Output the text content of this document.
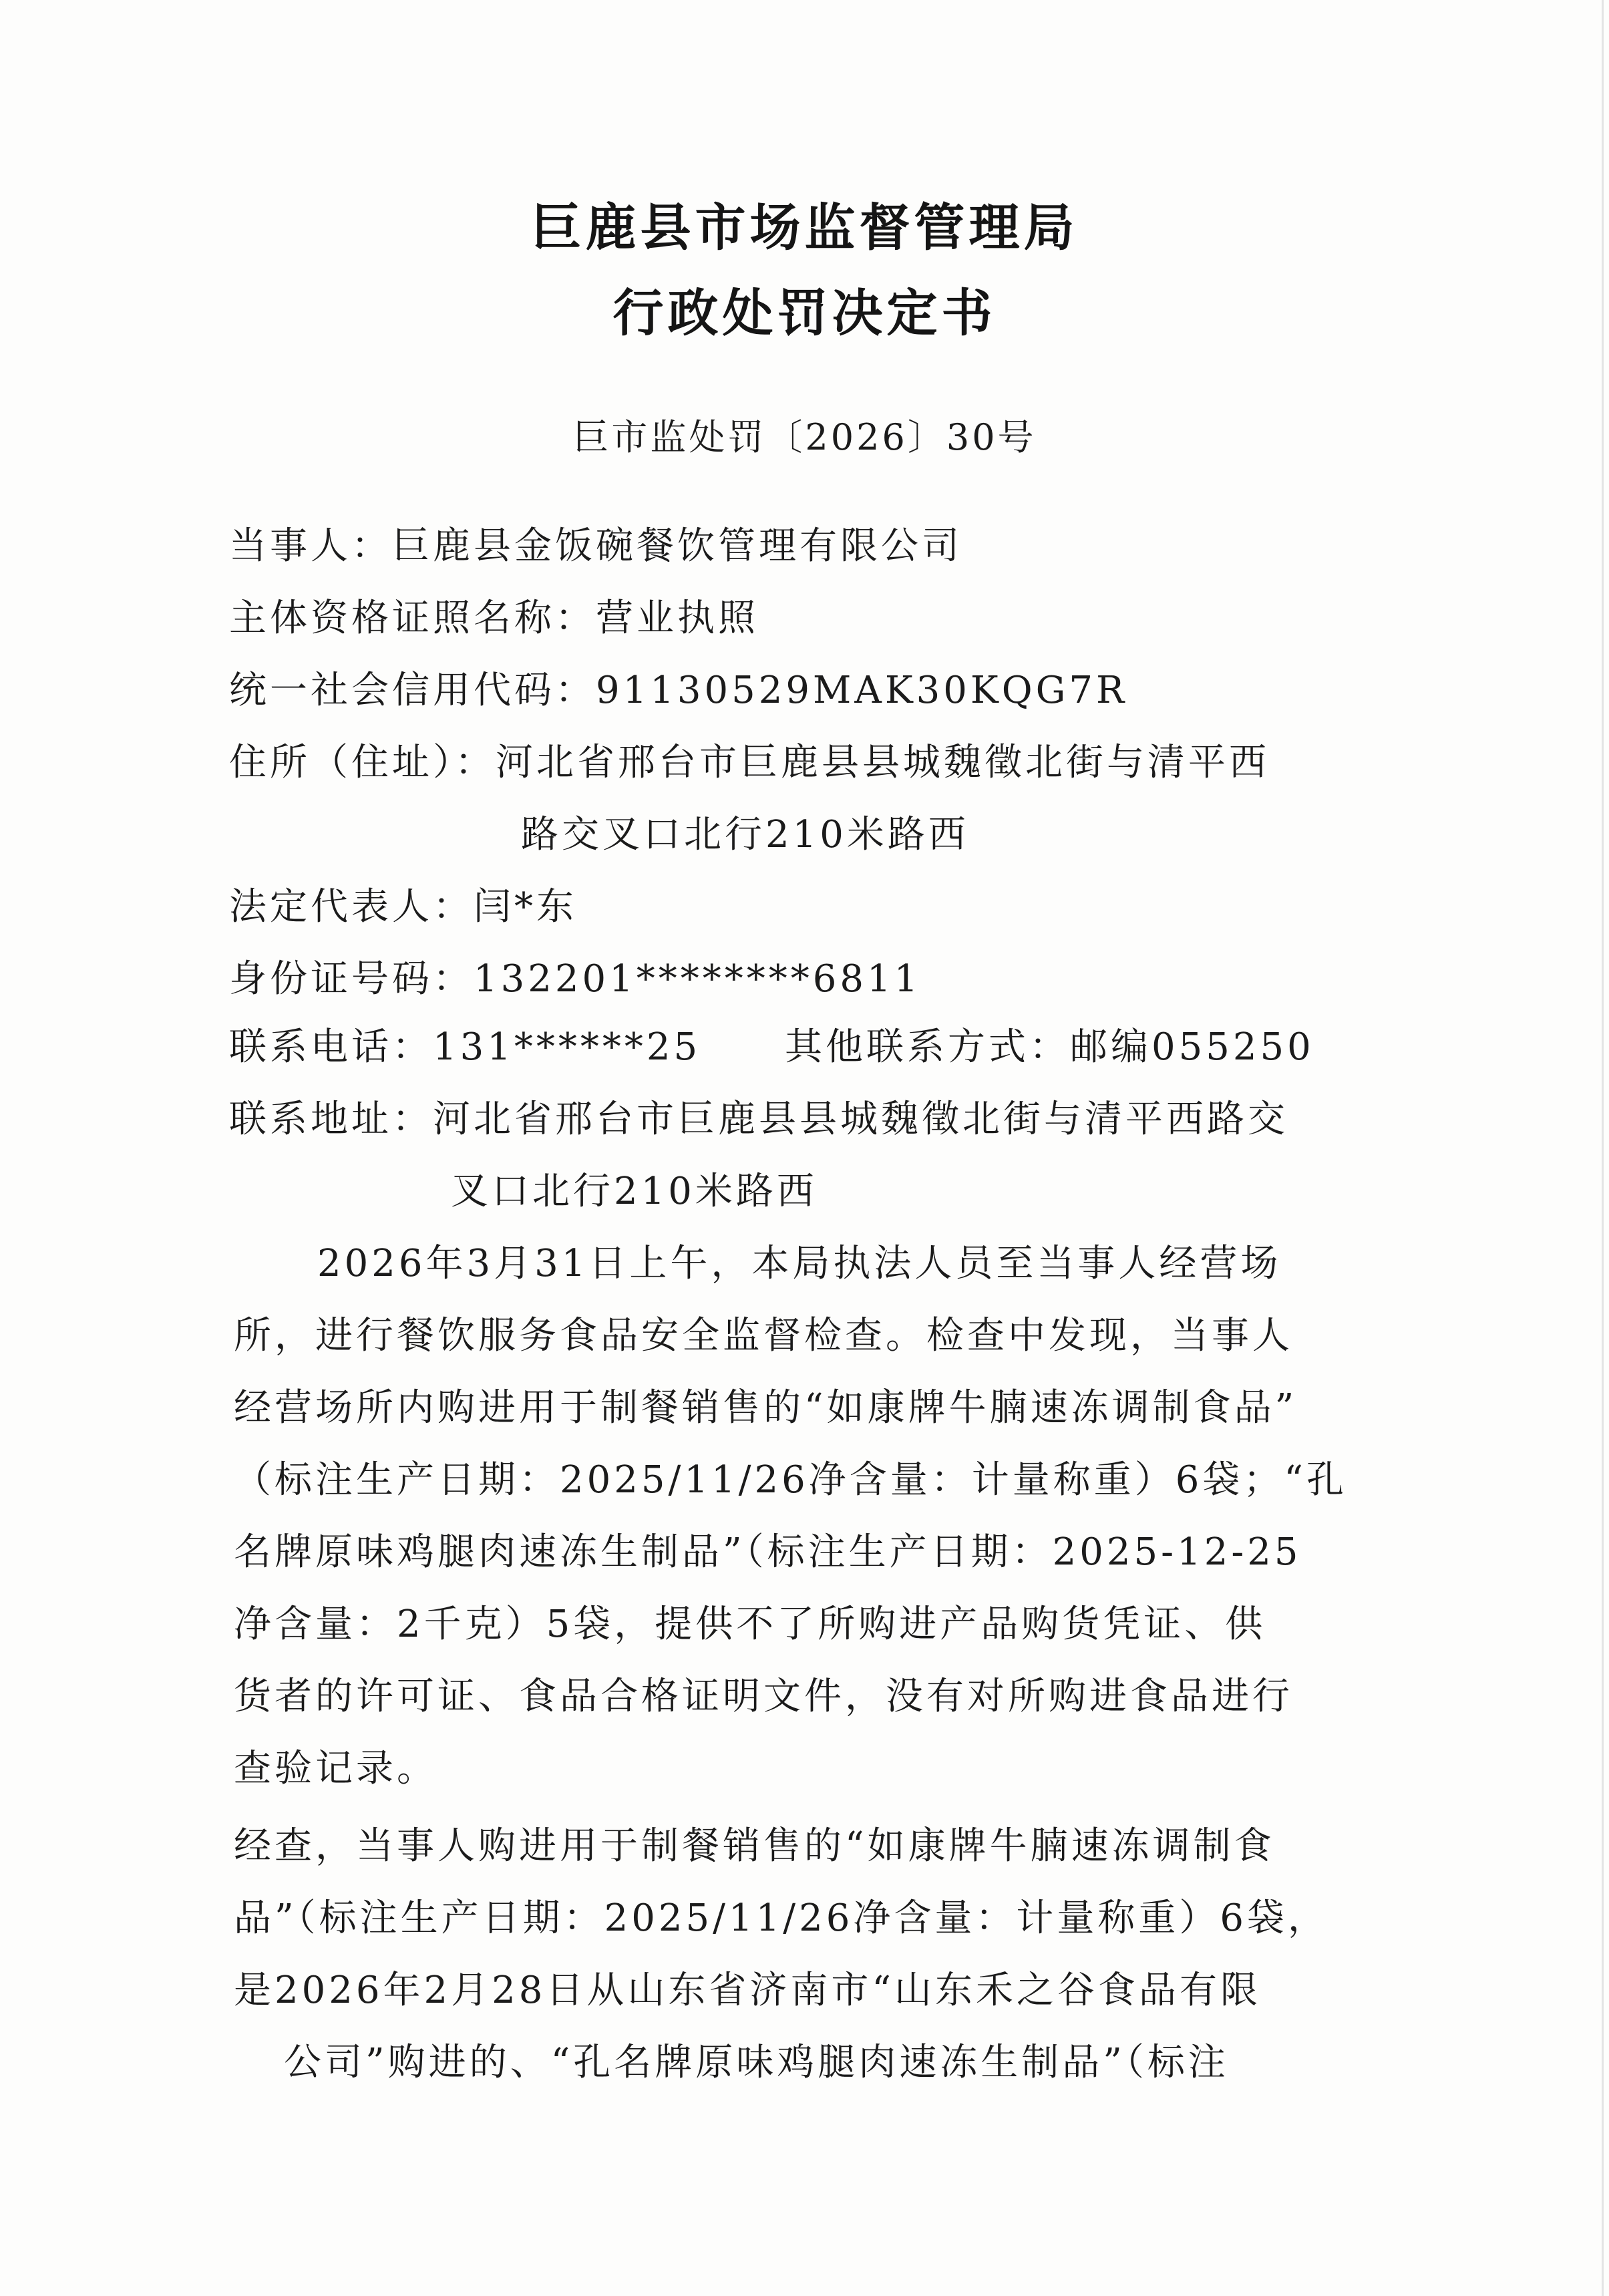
巨鹿县市场监督管理局
行政处罚决定书
巨市监处罚〔2026〕30号
当事人：巨鹿县金饭碗餐饮管理有限公司
主体资格证照名称：营业执照
统一社会信用代码：91130529MAK30KQG7R
住所（住址）：河北省邢台市巨鹿县县城魏徵北街与清平西
路交叉口北行210米路西
法定代表人：闫*东
身份证号码：132201********6811
联系电话：131******25 其他联系方式：邮编055250
联系地址：河北省邢台市巨鹿县县城魏徵北街与清平西路交
叉口北行210米路西
2026年3月31日上午，本局执法人员至当事人经营场
所，进行餐饮服务食品安全监督检查。检查中发现，当事人
经营场所内购进用于制餐销售的“如康牌牛腩速冻调制食品”
（标注生产日期：2025/11/26净含量：计量称重）6袋；“孔
名牌原味鸡腿肉速冻生制品”（标注生产日期：2025-12-25
净含量：2千克）5袋，提供不了所购进产品购货凭证、供
货者的许可证、食品合格证明文件，没有对所购进食品进行
查验记录。
经查，当事人购进用于制餐销售的“如康牌牛腩速冻调制食
品”（标注生产日期：2025/11/26净含量：计量称重）6袋，
是2026年2月28日从山东省济南市“山东禾之谷食品有限
公司”购进的、“孔名牌原味鸡腿肉速冻生制品”（标注
